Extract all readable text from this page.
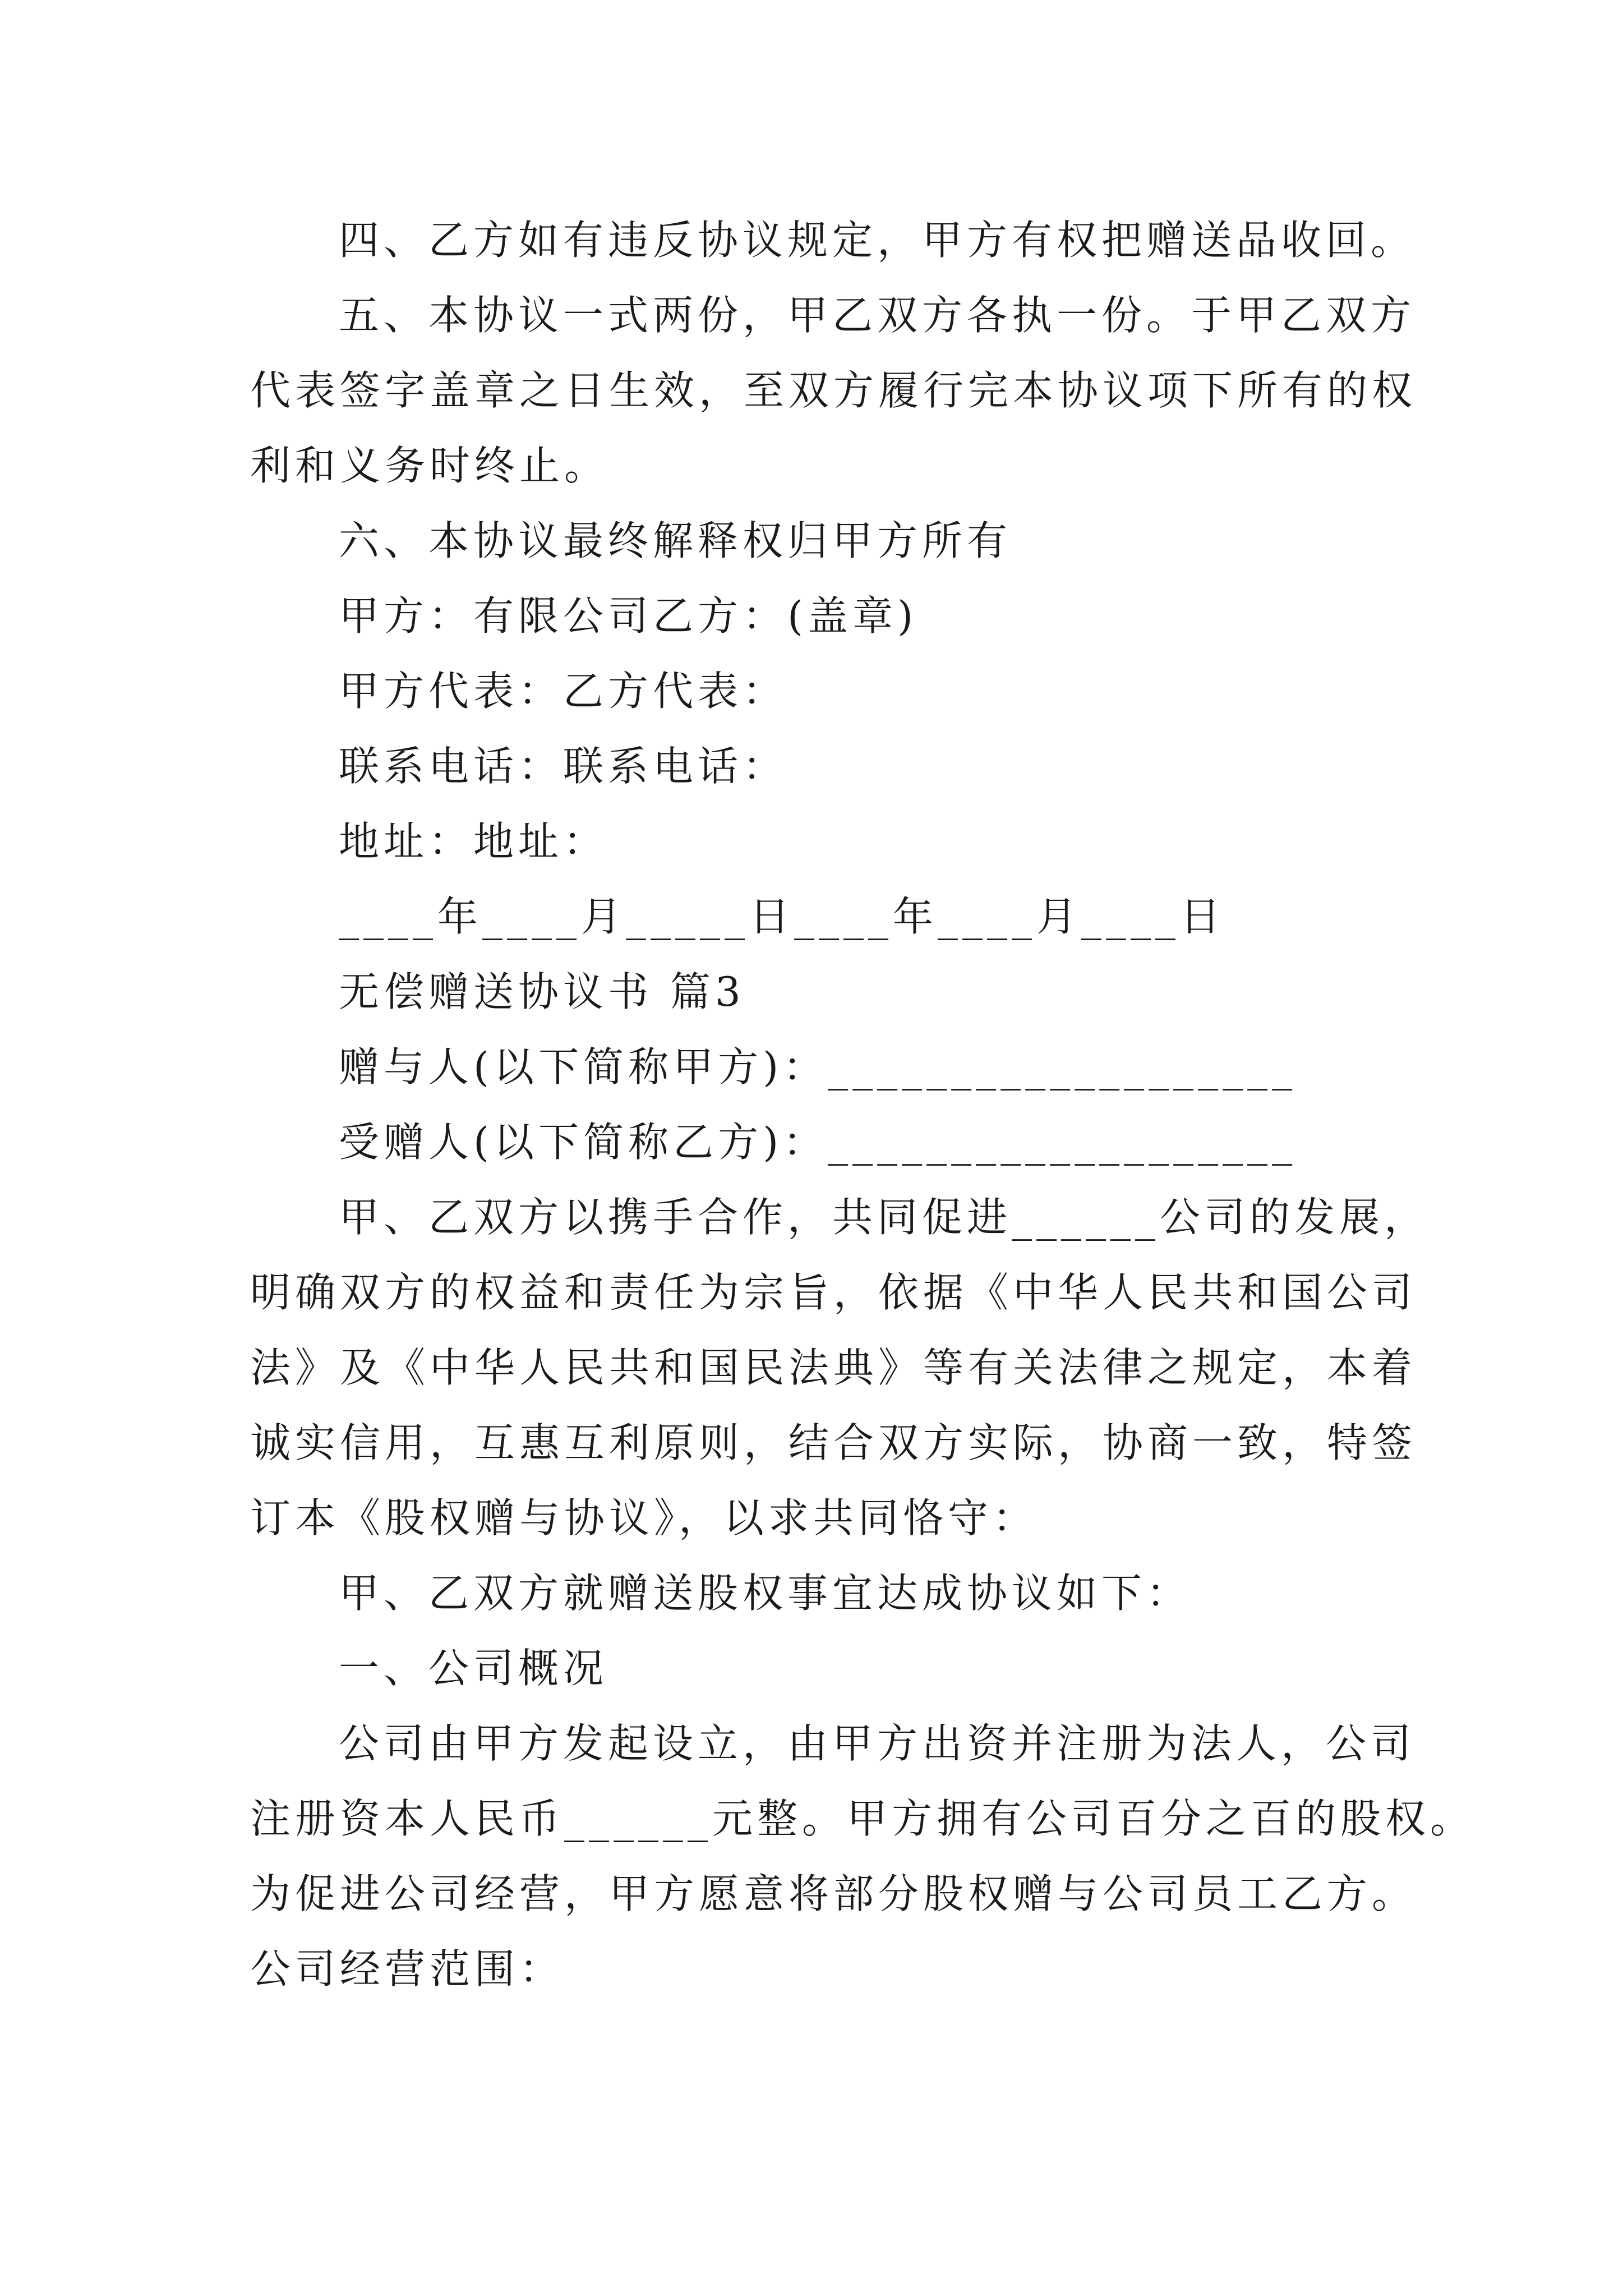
四、乙方如有违反协议规定，甲方有权把赠送品收回。
五、本协议一式两份，甲乙双方各执一份。于甲乙双方
代表签字盖章之日生效，至双方履行完本协议项下所有的权
利和义务时终止。
六、本协议最终解释权归甲方所有
甲方：有限公司乙方：(盖章)
甲方代表：乙方代表：
联系电话：联系电话：
地址：地址：
____年____月_____日____年____月____日
无偿赠送协议书 篇3
赠与人(以下简称甲方)：___________________
受赠人(以下简称乙方)：___________________
甲、乙双方以携手合作，共同促进______公司的发展，
明确双方的权益和责任为宗旨，依据《中华人民共和国公司
法》及《中华人民共和国民法典》等有关法律之规定，本着
诚实信用，互惠互利原则，结合双方实际，协商一致，特签
订本《股权赠与协议》，以求共同恪守：
甲、乙双方就赠送股权事宜达成协议如下：
一、公司概况
公司由甲方发起设立，由甲方出资并注册为法人，公司
注册资本人民币______元整。甲方拥有公司百分之百的股权。
为促进公司经营，甲方愿意将部分股权赠与公司员工乙方。
公司经营范围：
